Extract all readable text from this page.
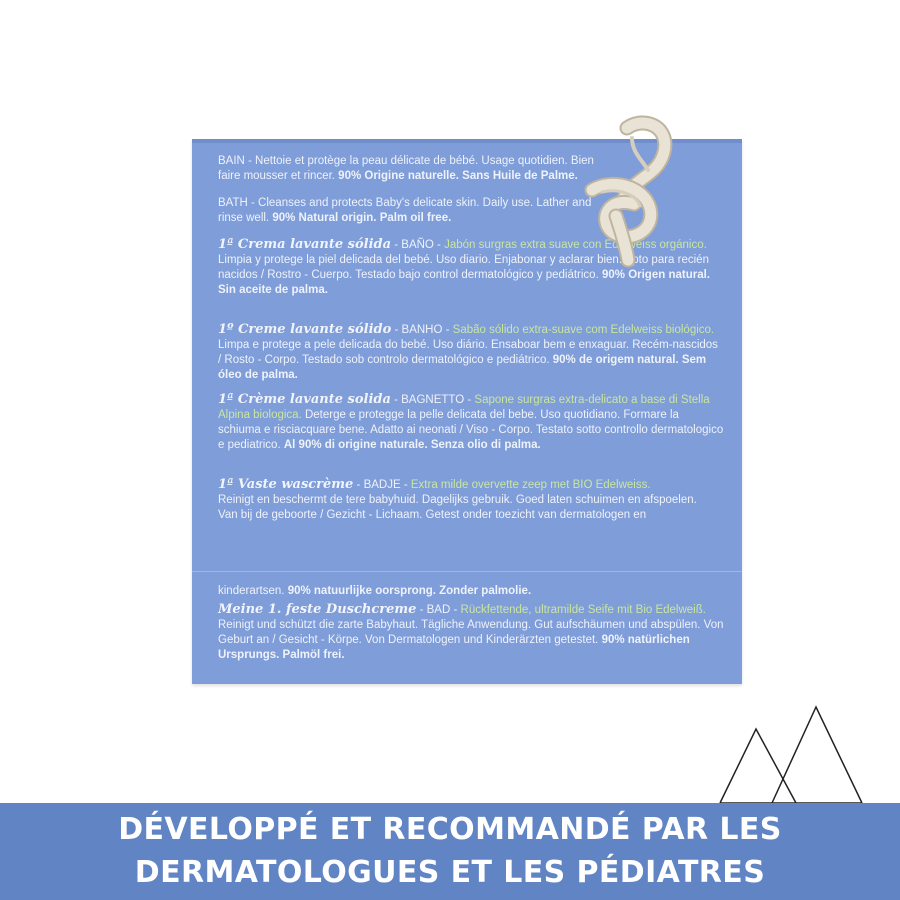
BAIN - Nettoie et protège la peau délicate de bébé. Usage quotidien. Bien
faire mousser et rincer. 90% Origine naturelle. Sans Huile de Palme.
BATH - Cleanses and protects Baby's delicate skin. Daily use. Lather and
rinse well. 90% Natural origin. Palm oil free.
1ª Crema lavante sólida - BAÑO - Jabón surgras extra suave con Edelweiss orgánico. Limpia y protege la piel delicada del bebé. Uso diario. Enjabonar y aclarar bien. Apto para recién nacidos / Rostro - Cuerpo. Testado bajo control dermatológico y pediátrico. 90% Origen natural. Sin aceite de palma.
1º Creme lavante sólido - BANHO - Sabão sólido extra-suave com Edelweiss biológico. Limpa e protege a pele delicada do bebé. Uso diário. Ensaboar bem e enxaguar. Recém-nascidos / Rosto - Corpo. Testado sob controlo dermatológico e pediátrico. 90% de origem natural. Sem óleo de palma.
1ª Crème lavante solida - BAGNETTO - Sapone surgras extra-delicato a base di Stella Alpina biologica. Deterge e protegge la pelle delicata del bebe. Uso quotidiano. Formare la schiuma e risciacquare bene. Adatto ai neonati / Viso - Corpo. Testato sotto controllo dermatologico e pediatrico. Al 90% di origine naturale. Senza olio di palma.
1ª Vaste wascrème - BADJE - Extra milde overvette zeep met BIO Edelweiss.
Reinigt en beschermt de tere babyhuid. Dagelijks gebruik. Goed laten schuimen en afspoelen.
Van bij de geboorte / Gezicht - Lichaam. Getest onder toezicht van dermatologen en
kinderartsen. 90% natuurlijke oorsprong. Zonder palmolie.
Meine 1. feste Duschcreme - BAD - Rückfettende, ultramilde Seife mit Bio Edelweiß. Reinigt und schützt die zarte Babyhaut. Tägliche Anwendung. Gut aufschäumen und abspülen. Von Geburt an / Gesicht - Körpe. Von Dermatologen und Kinderärzten getestet. 90% natürlichen Ursprungs. Palmöl frei.
DÉVELOPPÉ ET RECOMMANDÉ PAR LES
DERMATOLOGUES ET LES PÉDIATRES
